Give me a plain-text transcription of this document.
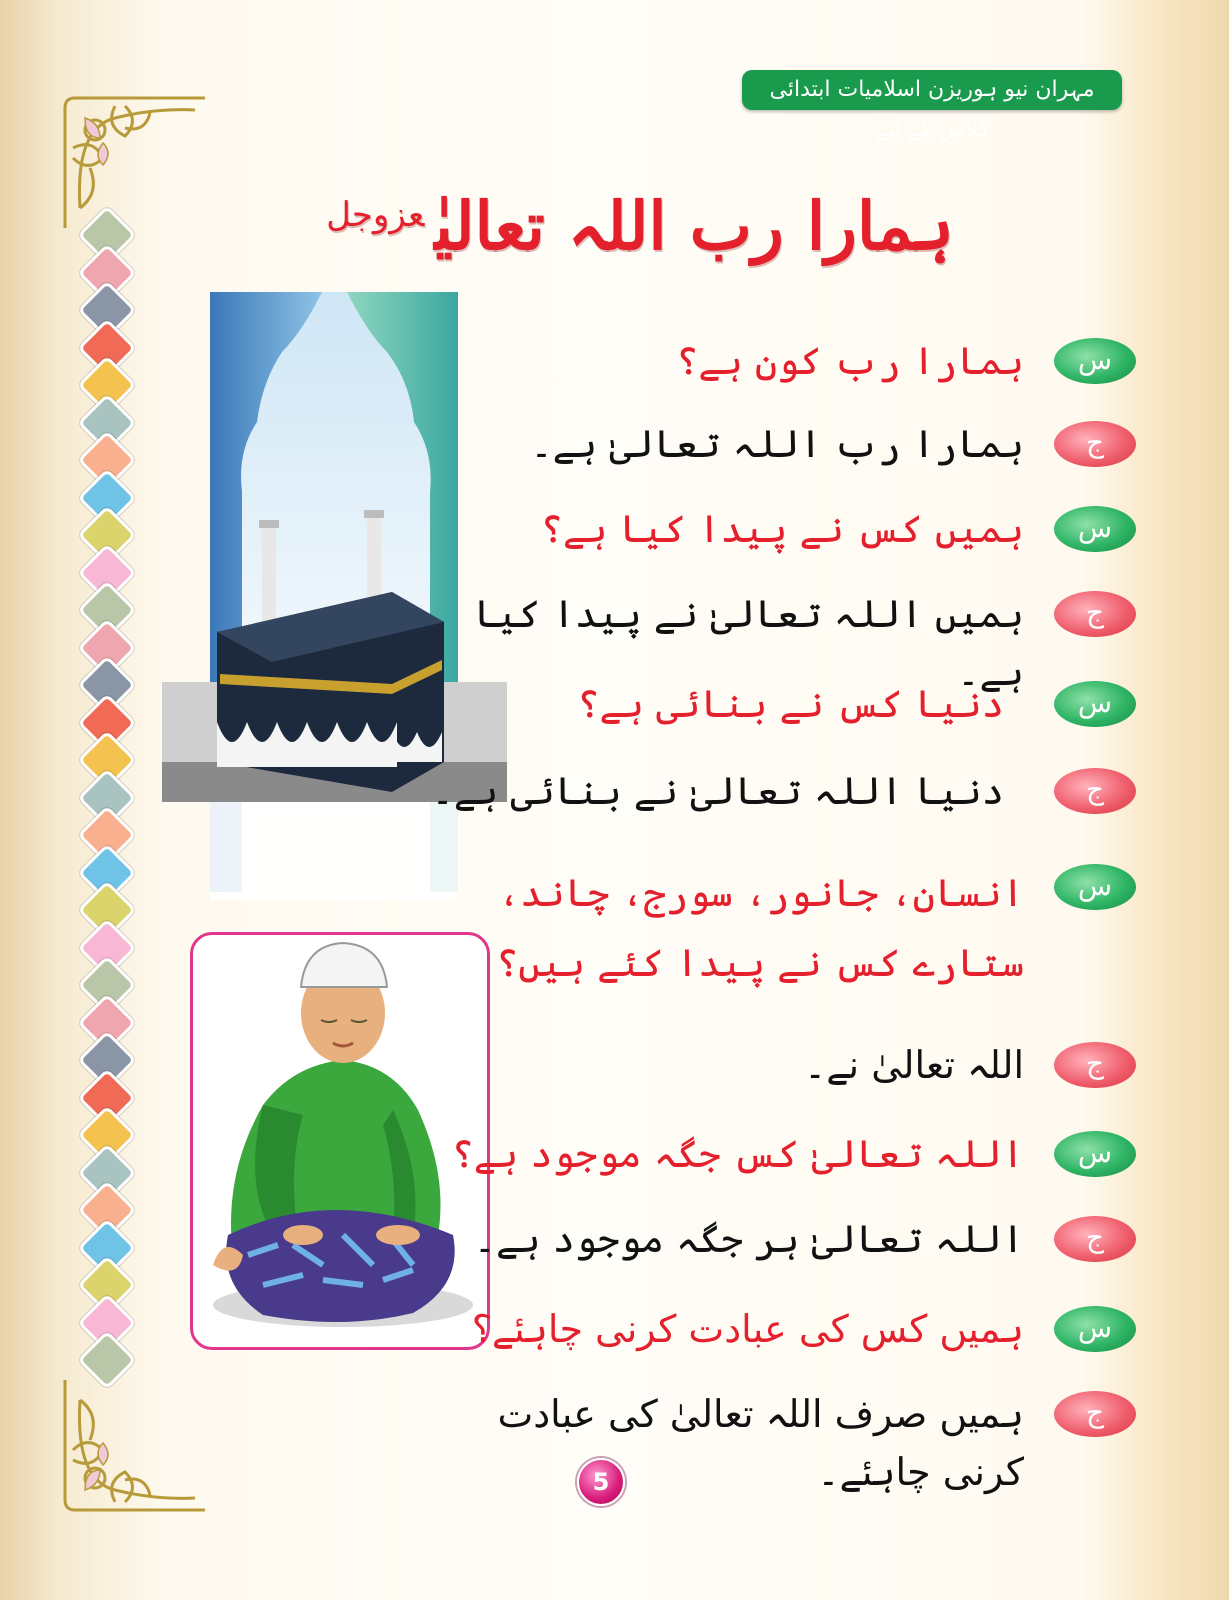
مہران نیو ہوریزن اسلامیات ابتدائی کلاس کے لئے
ہمارا رب اللہ تعالیٰ$^{عزوجل}$
س
ہمارا رب کون ہے؟
ج
ہمارا رب اللہ تعالیٰ ہے۔
س
ہمیں کس نے پیدا کیا ہے؟
ج
ہمیں اللہ تعالیٰ نے پیدا کیا ہے۔
س
دنیا کس نے بنائی ہے؟
ج
دنیا اللہ تعالیٰ نے بنائی ہے۔
س
انسان، جانور، سورج، چاند، ستارے کس نے پیدا کئے ہیں؟
ج
اللہ تعالیٰ نے۔
س
اللہ تعالیٰ کس جگہ موجود ہے؟
ج
اللہ تعالیٰ ہر جگہ موجود ہے۔
س
ہمیں کس کی عبادت کرنی چاہئے؟
ج
ہمیں صرف اللہ تعالیٰ کی عبادت کرنی چاہئے۔
5
